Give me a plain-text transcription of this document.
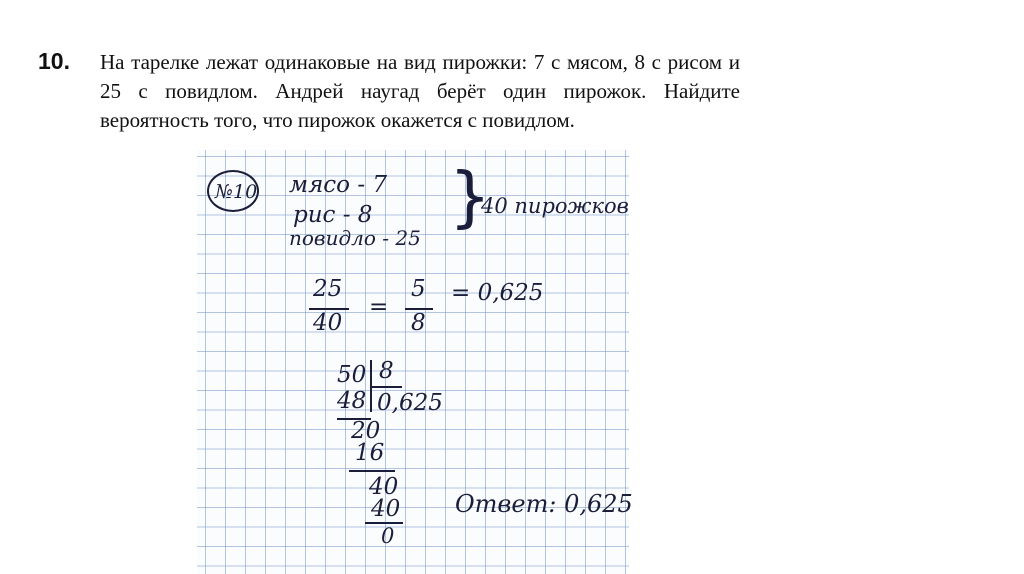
10. На тарелке лежат одинаковые на вид пирожки: 7 с мясом, 8 с рисом и 25 с повидлом. Андрей наугад берёт один пирожок. Найдите вероятность того, что пирожок окажется с повидлом.
№10 мясо - 7
рис - 8
повидло - 25
}
40 пирожков
25
40
=
5
8
= 0,625
50 8
48 0,625
20
16
40
40
0
Ответ: 0,625
